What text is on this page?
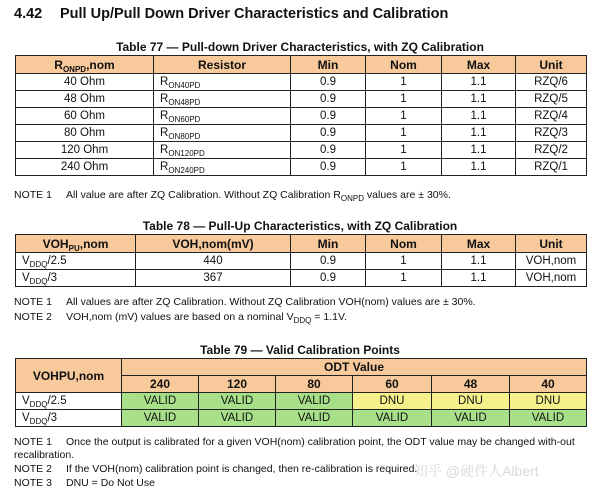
4.42 Pull Up/Pull Down Driver Characteristics and Calibration
Table 77 — Pull-down Driver Characteristics, with ZQ Calibration
$R_{ONPD},nom$	Resistor	Min	Nom	Max	Unit
40 Ohm	$R_{ON40PD}$	0.9	1	1.1	RZQ/6
48 Ohm	$R_{ON48PD}$	0.9	1	1.1	RZQ/5
60 Ohm	$R_{ON60PD}$	0.9	1	1.1	RZQ/4
80 Ohm	$R_{ON80PD}$	0.9	1	1.1	RZQ/3
120 Ohm	$R_{ON120PD}$	0.9	1	1.1	RZQ/2
240 Ohm	$R_{ON240PD}$	0.9	1	1.1	RZQ/1
NOTE 1 All value are after ZQ Calibration. Without ZQ Calibration $R_{ONPD}$ values are ± 30%.
Table 78 — Pull-Up Characteristics, with ZQ Calibration
$VOH_{PU},nom$	VOH,nom(mV)	Min	Nom	Max	Unit
$V_{DDQ}/2.5$	440	0.9	1	1.1	VOH,nom
$V_{DDQ}/3$	367	0.9	1	1.1	VOH,nom
NOTE 1 All values are after ZQ Calibration. Without ZQ Calibration VOH(nom) values are ± 30%.
NOTE 2 VOH,nom (mV) values are based on a nominal $V_{DDQ} = 1.1V$.
Table 79 — Valid Calibration Points
VOHPU,nom	ODT Value					
	240	120	80	60	48	40
$V_{DDQ}/2.5$	VALID	VALID	VALID	DNU	DNU	DNU
$V_{DDQ}/3$	VALID	VALID	VALID	VALID	VALID	VALID
NOTE 1 Once the output is calibrated for a given VOH(nom) calibration point, the ODT value may be changed with-out recalibration.
NOTE 2 If the VOH(nom) calibration point is changed, then re-calibration is required.
NOTE 3 DNU = Do Not Use
知乎 @硬件人Albert
